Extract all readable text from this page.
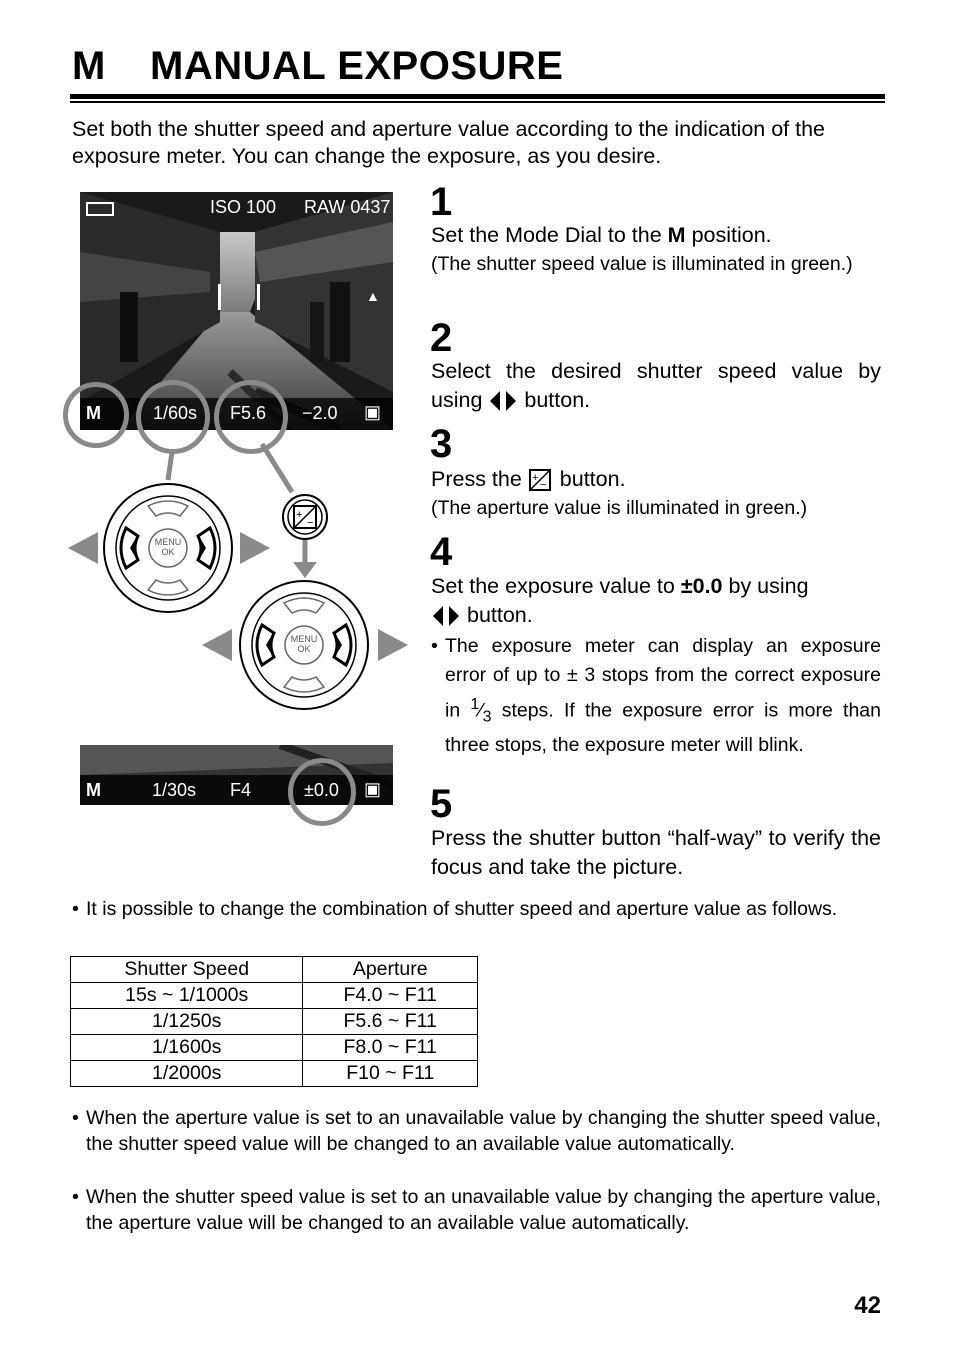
M MANUAL EXPOSURE
Set both the shutter speed and aperture value according to the indication of the exposure meter. You can change the exposure, as you desire.
ISO 100 RAW 0437
▲
M	1/60s F5.6 −2.0 ▣
+
−
MENU
OK
MENU
OK
M	1/30s F4	±0.0 ▣
1
Set the Mode Dial to the M position.
(The shutter speed value is illuminated in green.)
2
Select the desired shutter speed value by using button.
3
Press the +
− button.
(The aperture value is illuminated in green.)
4
Set the exposure value to ±0.0 by using
button.
• The exposure meter can display an exposure error of up to ± 3 stops from the correct exposure in $^1⁄_3$ steps. If the exposure error is more than three stops, the exposure meter will blink.
5
Press the shutter button “half-way” to verify the focus and take the picture.
• It is possible to change the combination of shutter speed and aperture value as follows.
Shutter Speed	Aperture
15s ~ 1/1000s	F4.0 ~ F11
1/1250s	F5.6 ~ F11
1/1600s	F8.0 ~ F11
1/2000s	F10 ~ F11
• When the aperture value is set to an unavailable value by changing the shutter speed value, the shutter speed value will be changed to an available value automatically.
• When the shutter speed value is set to an unavailable value by changing the aperture value, the aperture value will be changed to an available value automatically.
42
